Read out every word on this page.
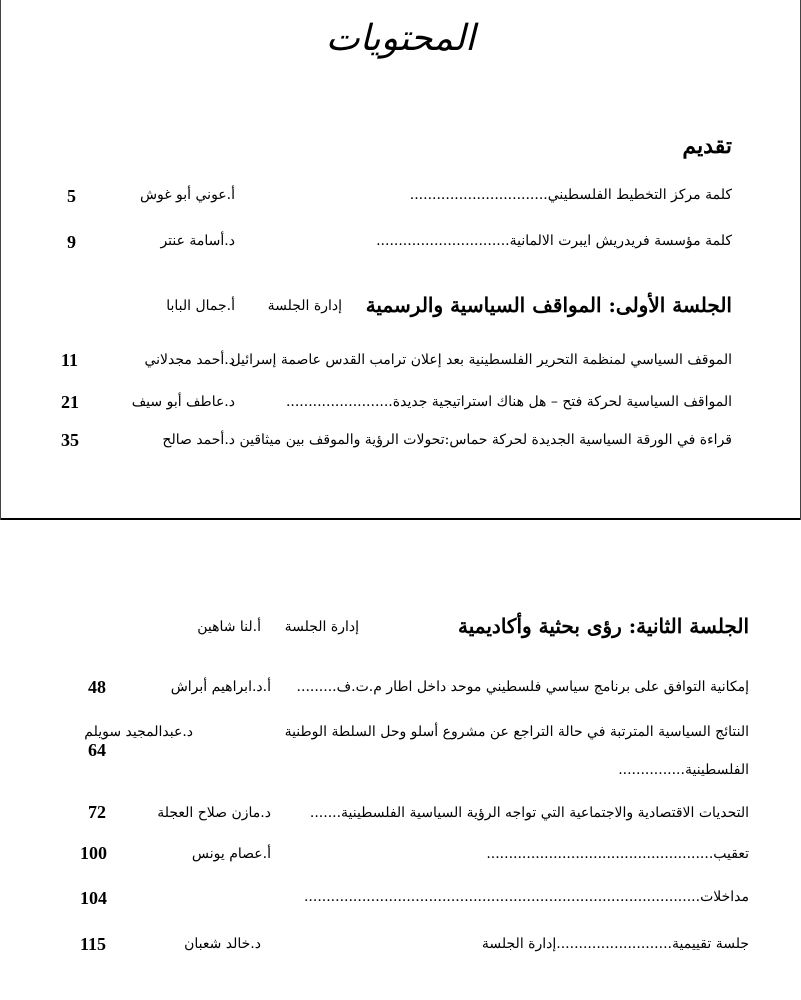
المحتويات
تقديم
كلمة مركز التخطيط الفلسطيني...............................
أ.عوني أبو غوش
5
كلمة مؤسسة فريدريش ايبرت الالمانية..............................
د.أسامة عنتر
9
الجلسة الأولى: المواقف السياسية والرسمية
إدارة الجلسة
أ.جمال البابا
الموقف السياسي لمنظمة التحرير الفلسطينية بعد إعلان ترامب القدس عاصمة إسرائيل
د.أحمد مجدلاني
11
المواقف السياسية لحركة فتح – هل هناك استراتيجية جديدة........................
د.عاطف أبو سيف
21
قراءة في الورقة السياسية الجديدة لحركة حماس:تحولات الرؤية والموقف بين ميثاقين
د.أحمد صالح
35
الجلسة الثانية: رؤى بحثية وأكاديمية
إدارة الجلسة
أ.لنا شاهين
إمكانية التوافق على برنامج سياسي فلسطيني موحد داخل اطار م.ت.ف.........
أ.د.ابراهيم أبراش
48
النتائج السياسية المترتبة في حالة التراجع عن مشروع أسلو وحل السلطة الوطنية
الفلسطينية...............
د.عبدالمجيد سويلم
64
التحديات الاقتصادية والاجتماعية التي تواجه الرؤية السياسية الفلسطينية.......
د.مازن صلاح العجلة
72
تعقيب...................................................
أ.عصام يونس
100
مداخلات.........................................................................................
104
جلسة تقييمية..........................إدارة الجلسة
د.خالد شعبان
115
